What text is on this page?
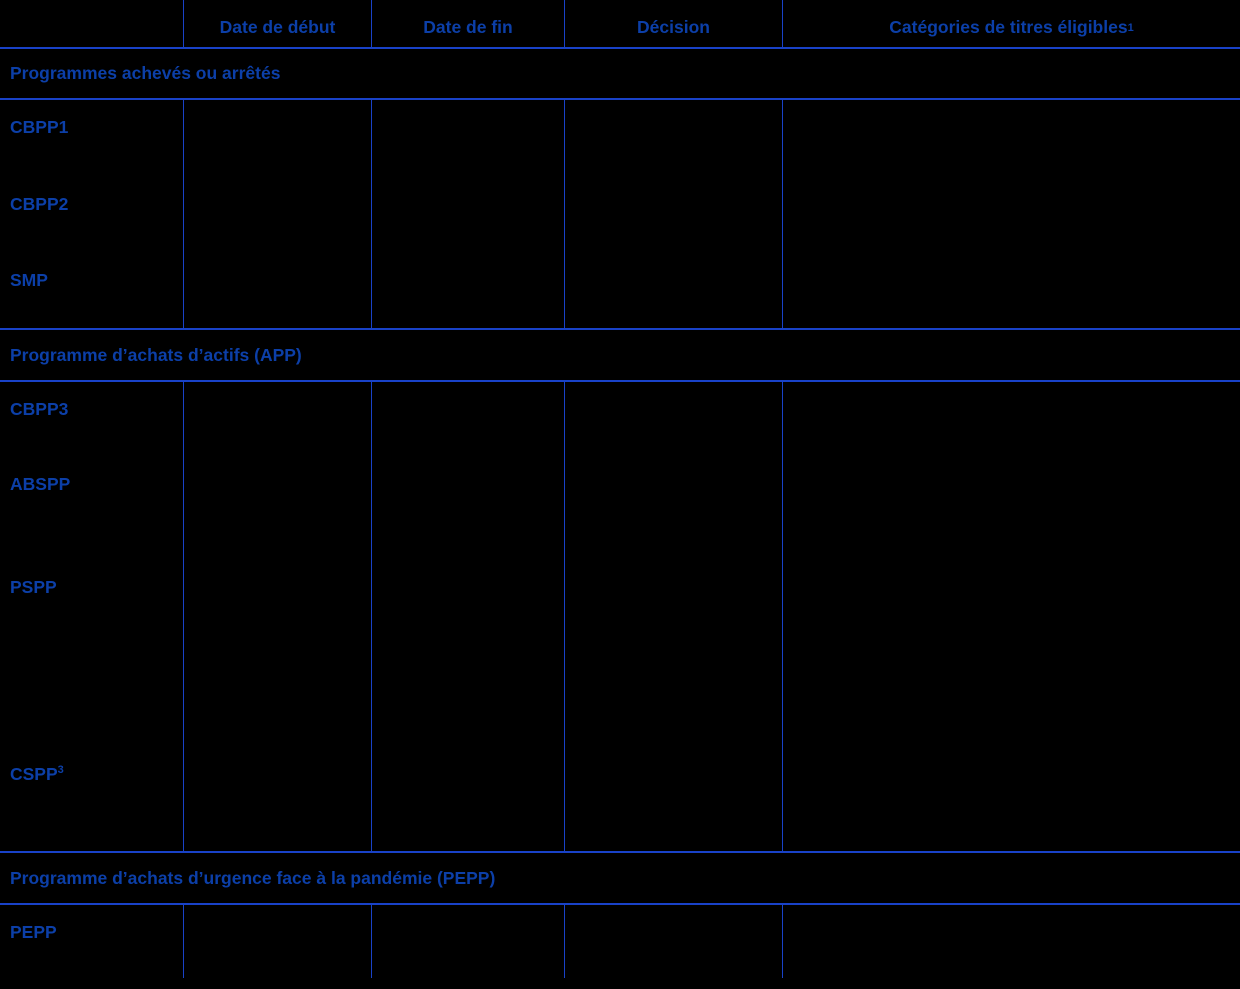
Date de début	Date de fin	Décision	Catégories de titres éligibles 1
Programmes achevés ou arrêtés
CBPP1
CBPP2
SMP
Programme d’achats d’actifs (APP)
CBPP3
ABSPP
PSPP
CSPP$^3$
Programme d’achats d’urgence face à la pandémie (PEPP)
PEPP
